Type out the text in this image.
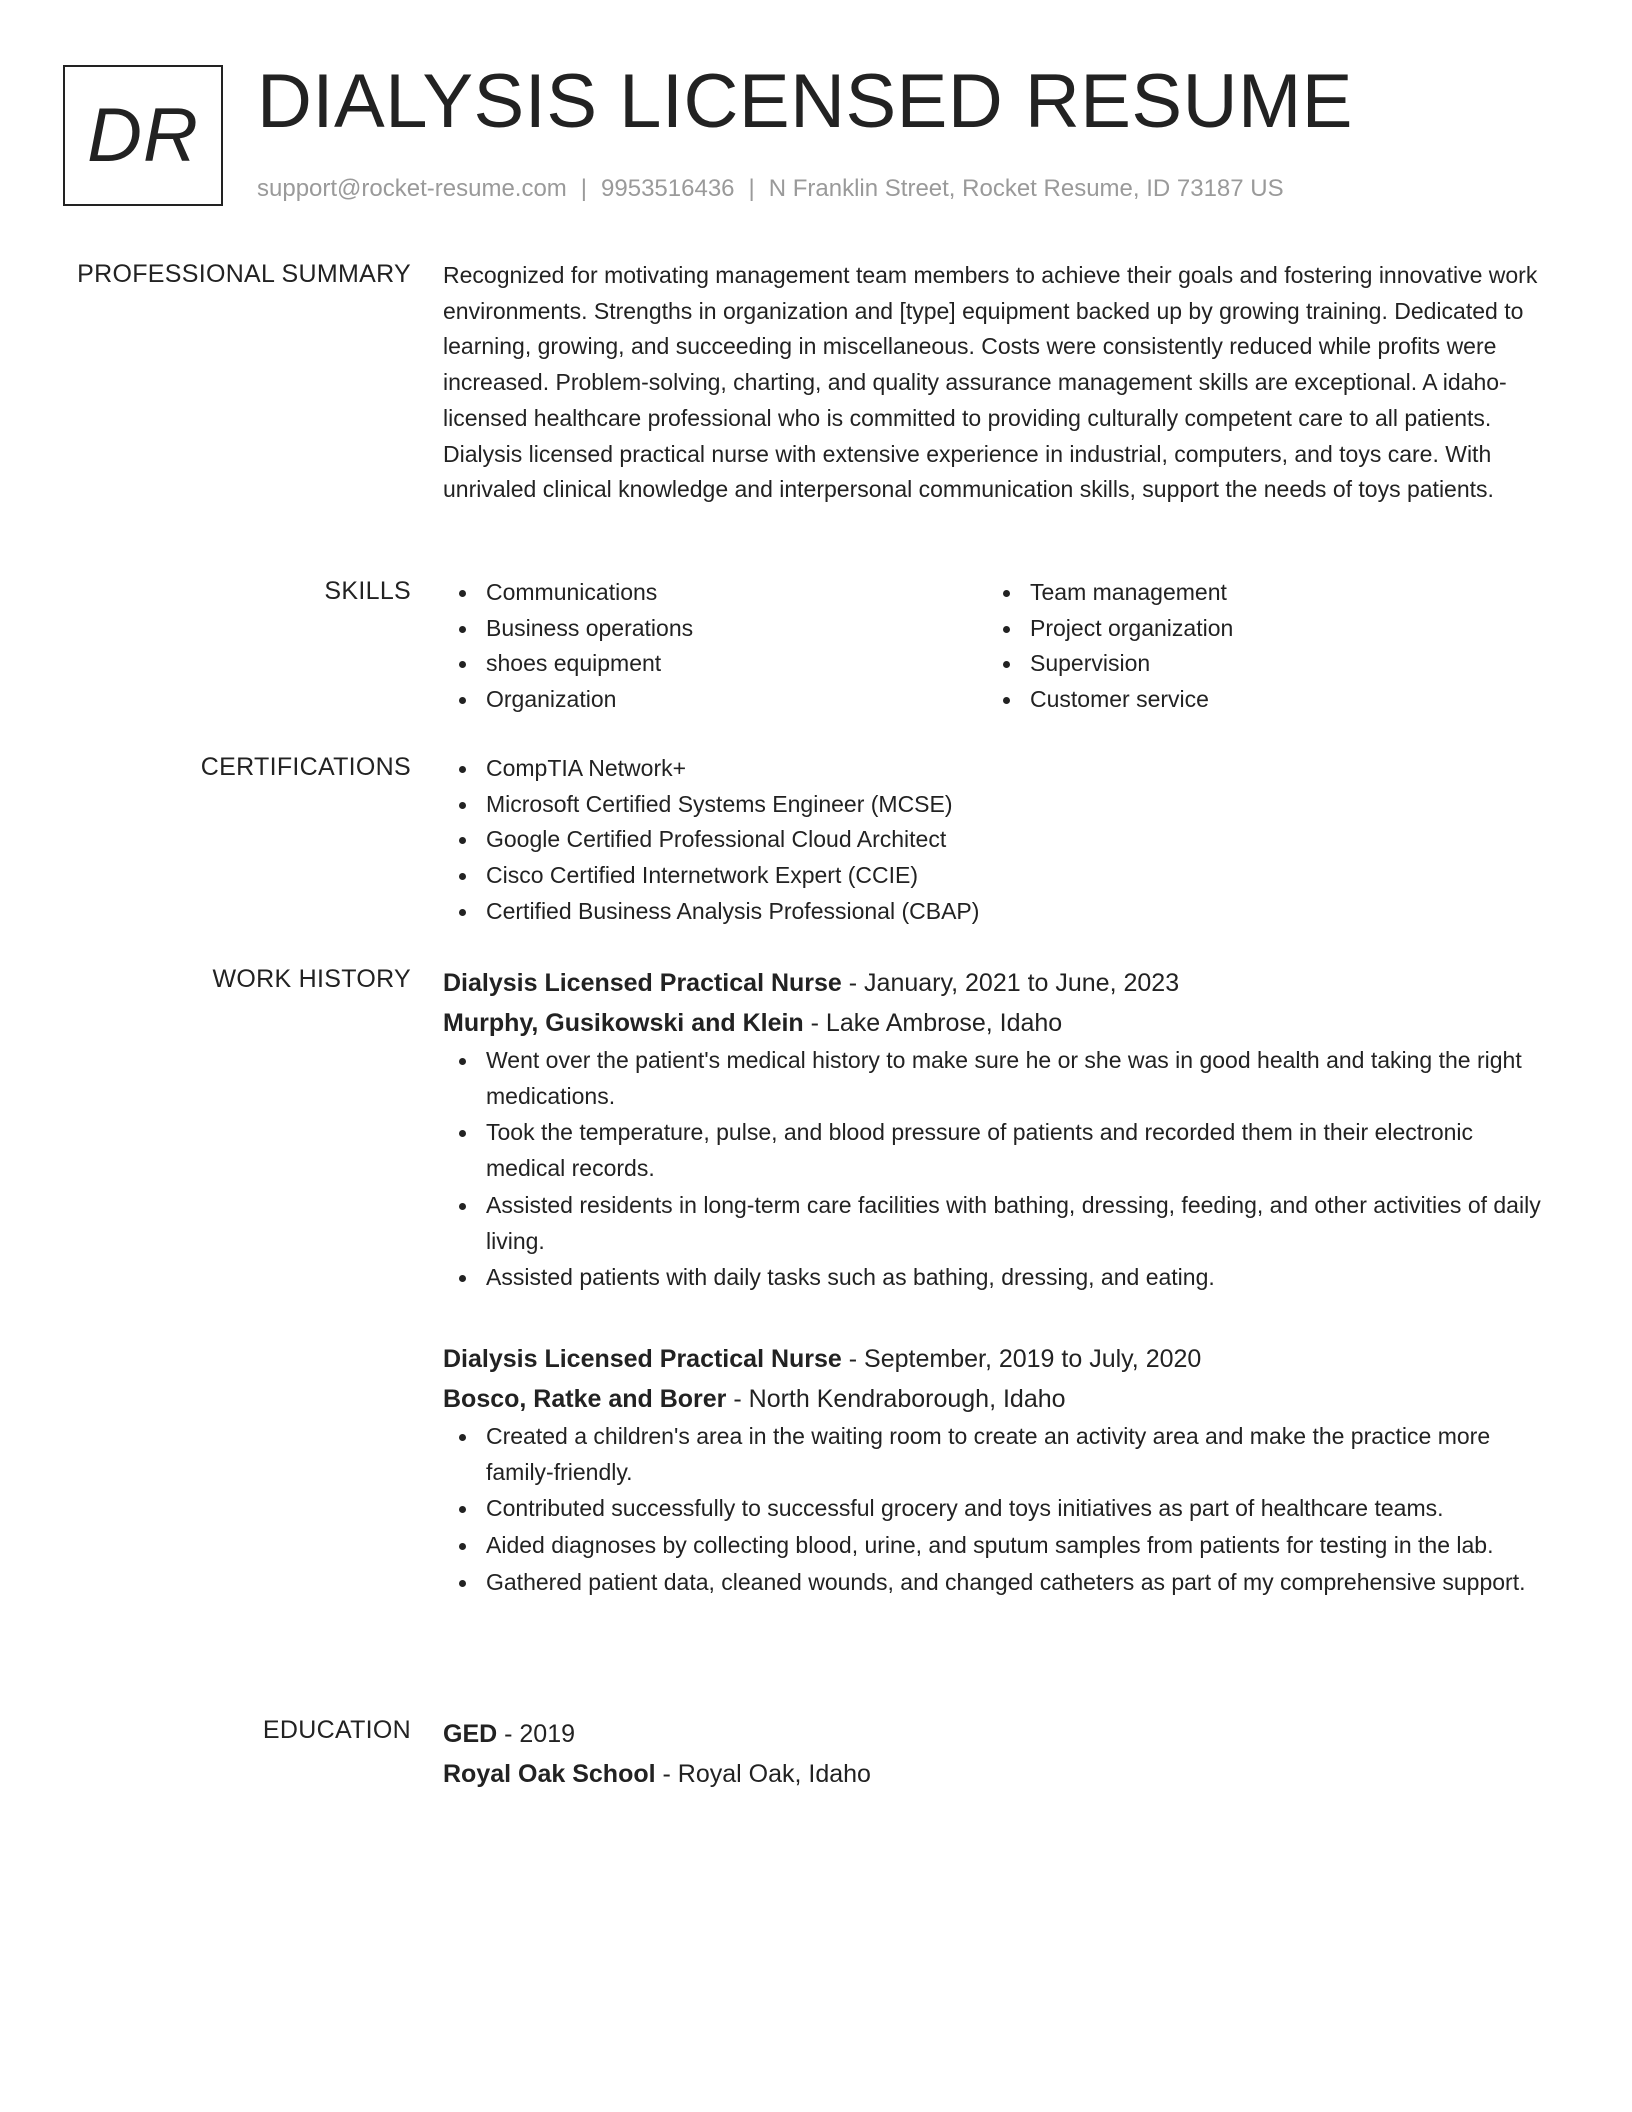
DR DIALYSIS LICENSED RESUME
support@rocket-resume.com | 9953516436 | N Franklin Street, Rocket Resume, ID 73187 US
PROFESSIONAL SUMMARY Recognized for motivating management team members to achieve their goals and fostering innovative work environments. Strengths in organization and [type] equipment backed up by growing training. Dedicated to learning, growing, and succeeding in miscellaneous. Costs were consistently reduced while profits were increased. Problem-solving, charting, and quality assurance management skills are exceptional. A idaho-licensed healthcare professional who is committed to providing culturally competent care to all patients. Dialysis licensed practical nurse with extensive experience in industrial, computers, and toys care. With unrivaled clinical knowledge and interpersonal communication skills, support the needs of toys patients.

SKILLS	Communications
Business operations
shoes equipment
Organization
Team management
Project organization
Supervision
Customer service
CERTIFICATIONS	CompTIA Network+
Microsoft Certified Systems Engineer (MCSE)
Google Certified Professional Cloud Architect
Cisco Certified Internetwork Expert (CCIE)
Certified Business Analysis Professional (CBAP)
WORK HISTORY Dialysis Licensed Practical Nurse - January, 2021 to June, 2023
Murphy, Gusikowski and Klein - Lake Ambrose, Idaho
Went over the patient's medical history to make sure he or she was in good health and taking the right medications.
Took the temperature, pulse, and blood pressure of patients and recorded them in their electronic medical records.
Assisted residents in long-term care facilities with bathing, dressing, feeding, and other activities of daily living.
Assisted patients with daily tasks such as bathing, dressing, and eating.
Dialysis Licensed Practical Nurse - September, 2019 to July, 2020
Bosco, Ratke and Borer - North Kendraborough, Idaho
Created a children's area in the waiting room to create an activity area and make the practice more family-friendly.
Contributed successfully to successful grocery and toys initiatives as part of healthcare teams.
Aided diagnoses by collecting blood, urine, and sputum samples from patients for testing in the lab.
Gathered patient data, cleaned wounds, and changed catheters as part of my comprehensive support.
EDUCATION GED - 2019
Royal Oak School - Royal Oak, Idaho
